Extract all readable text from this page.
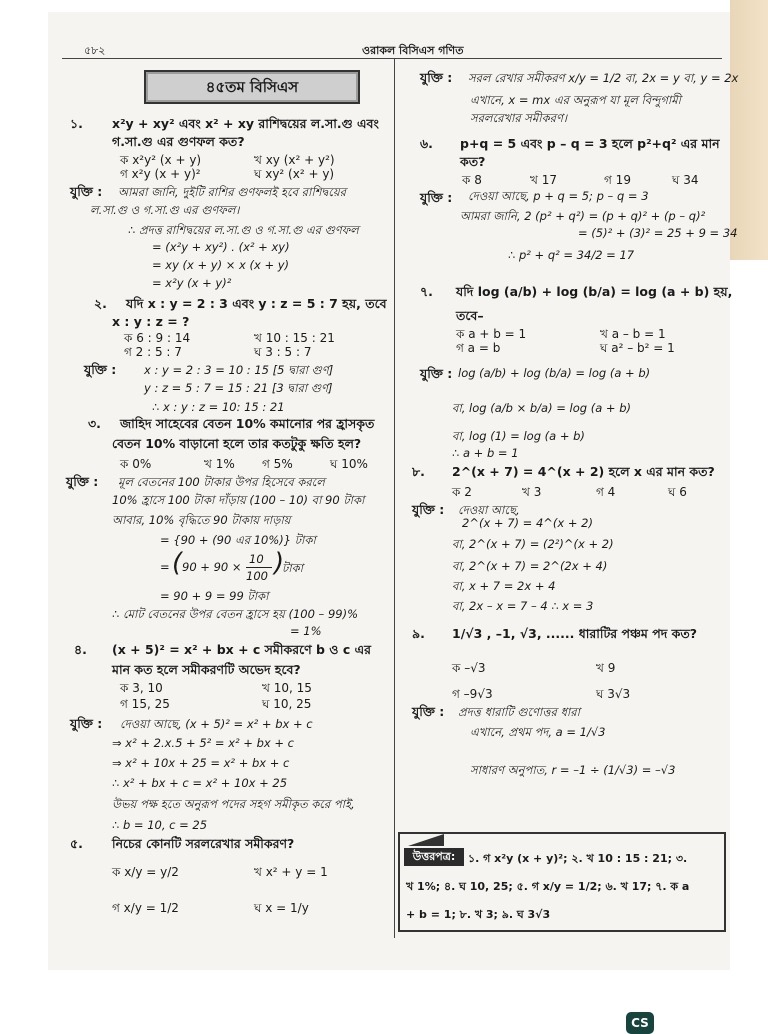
৫৮২	ওরাকল বিসিএস গণিত
৪৫তম বিসিএস
১. x²y + xy² এবং x² + xy রাশিদ্বয়ের ল.সা.গু এবং
গ.সা.গু এর গুণফল কত?
ক x²y² (x + y)	খ xy (x² + y²)
গ x²y (x + y)²	ঘ xy² (x² + y)
যুক্তি : আমরা জানি, দুইটি রাশির গুণফলই হবে রাশিদ্বয়ের
ল.সা.গু ও গ.সা.গু এর গুণফল।
∴ প্রদত্ত রাশিদ্বয়ের ল.সা.গু ও গ.সা.গু এর গুণফল
= (x²y + xy²) . (x² + xy)
= xy (x + y) × x (x + y)
= x²y (x + y)²
২. যদি x : y = 2 : 3 এবং y : z = 5 : 7 হয়, তবে
x : y : z = ?
ক 6 : 9 : 14	খ 10 : 15 : 21
গ 2 : 5 : 7	ঘ 3 : 5 : 7
যুক্তি : x : y = 2 : 3 = 10 : 15 [5 দ্বারা গুণ]
y : z = 5 : 7 = 15 : 21 [3 দ্বারা গুণ]
∴ x : y : z = 10: 15 : 21
৩. জাহিদ সাহেবের বেতন 10% কমানোর পর হ্রাসকৃত
বেতন 10% বাড়ানো হলে তার কতটুকু ক্ষতি হল?
ক 0%	খ 1% গ 5%	ঘ 10%
যুক্তি : মূল বেতনের 100 টাকার উপর হিসেবে করলে
10% হ্রাসে 100 টাকা দাঁড়ায় (100 – 10) বা 90 টাকা
আবার, 10% বৃদ্ধিতে 90 টাকায় দাড়ায়
= {90 + (90 এর 10%)} টাকা
= 90 + 90 ×
10
100
টাকা
= 90 + 9 = 99 টাকা
∴ মোট বেতনের উপর বেতন হ্রাসে হয় (100 – 99)%
= 1%
৪. (x + 5)² = x² + bx + c সমীকরণে b ও c এর
মান কত হলে সমীকরণটি অভেদ হবে?
ক 3, 10	খ 10, 15
গ 15, 25	ঘ 10, 25
যুক্তি : দেওয়া আছে, (x + 5)² = x² + bx + c
⇒ x² + 2.x.5 + 5² = x² + bx + c
⇒ x² + 10x + 25 = x² + bx + c
∴ x² + bx + c = x² + 10x + 25
উভয় পক্ষ হতে অনুরূপ পদের সহগ সমীকৃত করে পাই,
∴ b = 10, c = 25
৫. নিচের কোনটি সরলরেখার সমীকরণ?
ক x/y = y/2	খ x² + y = 1
গ x/y = 1/2	ঘ x = 1/y
(	)
যুক্তি : সরল রেখার সমীকরণ x/y = 1/2 বা, 2x = y বা, y = 2x
এখানে, x = mx এর অনুরূপ যা মূল বিন্দুগামী
সরলরেখার সমীকরণ।
৬. p+q = 5 এবং p – q = 3 হলে p²+q² এর মান
কত?
ক 8	খ 17	গ 19	ঘ 34
যুক্তি : দেওয়া আছে, p + q = 5; p – q = 3
আমরা জানি, 2 (p² + q²) = (p + q)² + (p – q)²
= (5)² + (3)² = 25 + 9 = 34
∴ p² + q² = 34/2 = 17
৭. যদি log (a/b) + log (b/a) = log (a + b) হয়,
তবে–
ক a + b = 1	খ a – b = 1
গ a = b	ঘ a² – b² = 1
যুক্তি : log (a/b) + log (b/a) = log (a + b)
বা, log (a/b × b/a) = log (a + b)
বা, log (1) = log (a + b)
∴ a + b = 1
৮. 2^(x + 7) = 4^(x + 2) হলে x এর মান কত?
ক 2	খ 3	গ 4	ঘ 6
যুক্তি : দেওয়া আছে,
2^(x + 7) = 4^(x + 2)
বা, 2^(x + 7) = (2²)^(x + 2)
বা, 2^(x + 7) = 2^(2x + 4)
বা, x + 7 = 2x + 4
বা, 2x – x = 7 – 4 ∴ x = 3
৯. 1/√3 , –1, √3, ...... ধারাটির পঞ্চম পদ কত?
ক –√3	খ 9
গ –9√3	ঘ 3√3
যুক্তি : প্রদত্ত ধারাটি গুণোত্তর ধারা
এখানে, প্রথম পদ, a = 1/√3
সাধারণ অনুপাত, r = –1 ÷ (1/√3) = –√3
উত্তরপত্র:	১. গ x²y (x + y)²; ২. খ 10 : 15 : 21; ৩.
খ 1%; ৪. ঘ 10, 25; ৫. গ x/y = 1/2; ৬. খ 17; ৭. ক a
+ b = 1; ৮. খ 3; ৯. ঘ 3√3
CS
